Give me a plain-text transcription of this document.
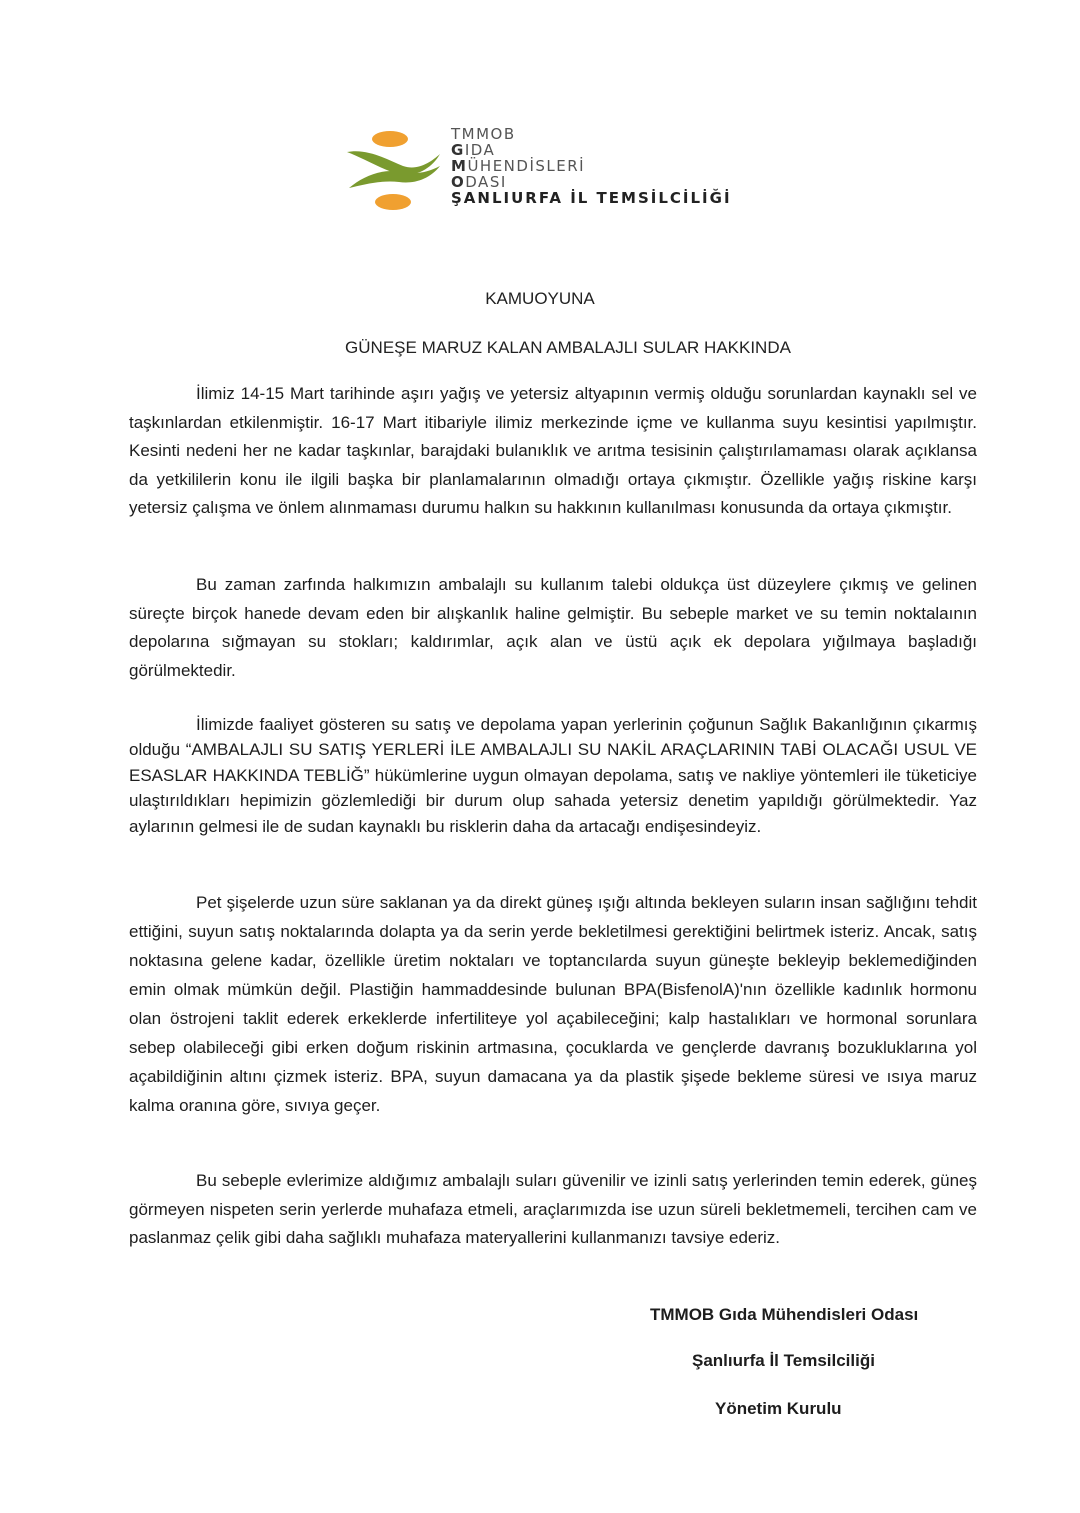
TMMOB
GIDA
MÜHENDİSLERİ
ODASI
ŞANLIURFA İL TEMSİLCİLİĞİ
KAMUOYUNA
GÜNEŞE MARUZ KALAN AMBALAJLI SULAR HAKKINDA

İlimiz 14-15 Mart tarihinde aşırı yağış ve yetersiz altyapının vermiş olduğu sorunlardan kaynaklı sel ve taşkınlardan etkilenmiştir. 16-17 Mart itibariyle ilimiz merkezinde içme ve kullanma suyu kesintisi yapılmıştır. Kesinti nedeni her ne kadar taşkınlar, barajdaki bulanıklık ve arıtma tesisinin çalıştırılamaması olarak açıklansa da yetkililerin konu ile ilgili başka bir planlamalarının olmadığı ortaya çıkmıştır. Özellikle yağış riskine karşı yetersiz çalışma ve önlem alınmaması durumu halkın su hakkının kullanılması konusunda da ortaya çıkmıştır.

Bu zaman zarfında halkımızın ambalajlı su kullanım talebi oldukça üst düzeylere çıkmış ve gelinen süreçte birçok hanede devam eden bir alışkanlık haline gelmiştir. Bu sebeple market ve su temin noktalaının depolarına sığmayan su stokları; kaldırımlar, açık alan ve üstü açık ek depolara yığılmaya başladığı görülmektedir.

İlimizde faaliyet gösteren su satış ve depolama yapan yerlerinin çoğunun Sağlık Bakanlığının çıkarmış olduğu “AMBALAJLI SU SATIŞ YERLERİ İLE AMBALAJLI SU NAKİL ARAÇLARININ TABİ OLACAĞI USUL VE ESASLAR HAKKINDA TEBLİĞ” hükümlerine uygun olmayan depolama, satış ve nakliye yöntemleri ile tüketiciye ulaştırıldıkları hepimizin gözlemlediği bir durum olup sahada yetersiz denetim yapıldığı görülmektedir. Yaz aylarının gelmesi ile de sudan kaynaklı bu risklerin daha da artacağı endişesindeyiz.

Pet şişelerde uzun süre saklanan ya da direkt güneş ışığı altında bekleyen suların insan sağlığını tehdit ettiğini, suyun satış noktalarında dolapta ya da serin yerde bekletilmesi gerektiğini belirtmek isteriz. Ancak, satış noktasına gelene kadar, özellikle üretim noktaları ve toptancılarda suyun güneşte bekleyip beklemediğinden emin olmak mümkün değil. Plastiğin hammaddesinde bulunan BPA(BisfenolA)'nın özellikle kadınlık hormonu olan östrojeni taklit ederek erkeklerde infertiliteye yol açabileceğini; kalp hastalıkları ve hormonal sorunlara sebep olabileceği gibi erken doğum riskinin artmasına, çocuklarda ve gençlerde davranış bozukluklarına yol açabildiğinin altını çizmek isteriz. BPA, suyun damacana ya da plastik şişede bekleme süresi ve ısıya maruz kalma oranına göre, sıvıya geçer.

Bu sebeple evlerimize aldığımız ambalajlı suları güvenilir ve izinli satış yerlerinden temin ederek, güneş görmeyen nispeten serin yerlerde muhafaza etmeli, araçlarımızda ise uzun süreli bekletmemeli, tercihen cam ve paslanmaz çelik gibi daha sağlıklı muhafaza materyallerini kullanmanızı tavsiye ederiz.

TMMOB Gıda Mühendisleri Odası
Şanlıurfa İl Temsilciliği
Yönetim Kurulu
